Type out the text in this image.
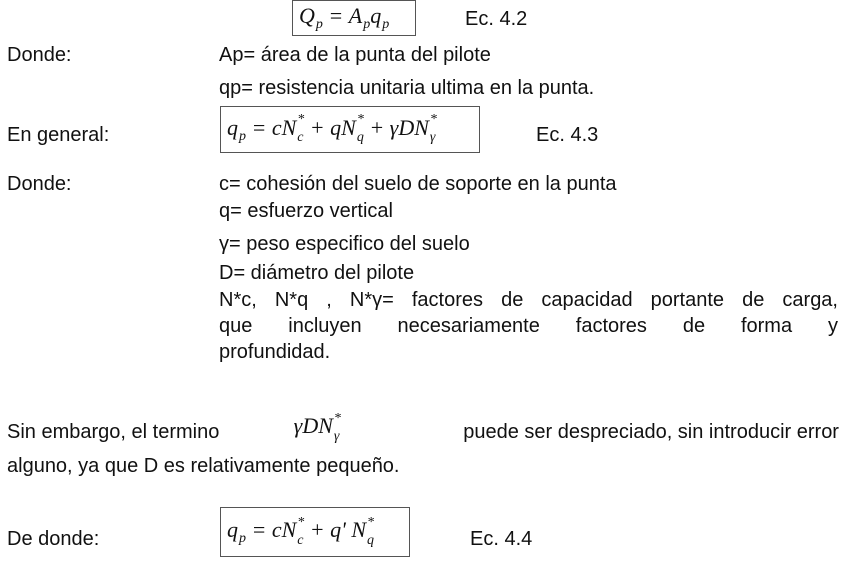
$Q_p = A_pq_p$	Ec. 4.2
Donde:	Ap= área de la punta del pilote
qp= resistencia unitaria ultima en la punta.
En general:	$q_p$ = cN *
c + qN *
q + γDN *
γ	Ec. 4.3
Donde:	c= cohesión del suelo de soporte en la punta
q= esfuerzo vertical
γ= peso especifico del suelo
D= diámetro del pilote
N*c, N*q , N*γ= factores de capacidad portante de carga,
que incluyen necesariamente factores de forma y
profundidad.
Sin embargo, el termino	γDN *
γ	puede ser despreciado, sin introducir error
alguno, ya que D es relativamente pequeño.
De donde:	$q_p$ = cN *
c + q' N *
q	Ec. 4.4
